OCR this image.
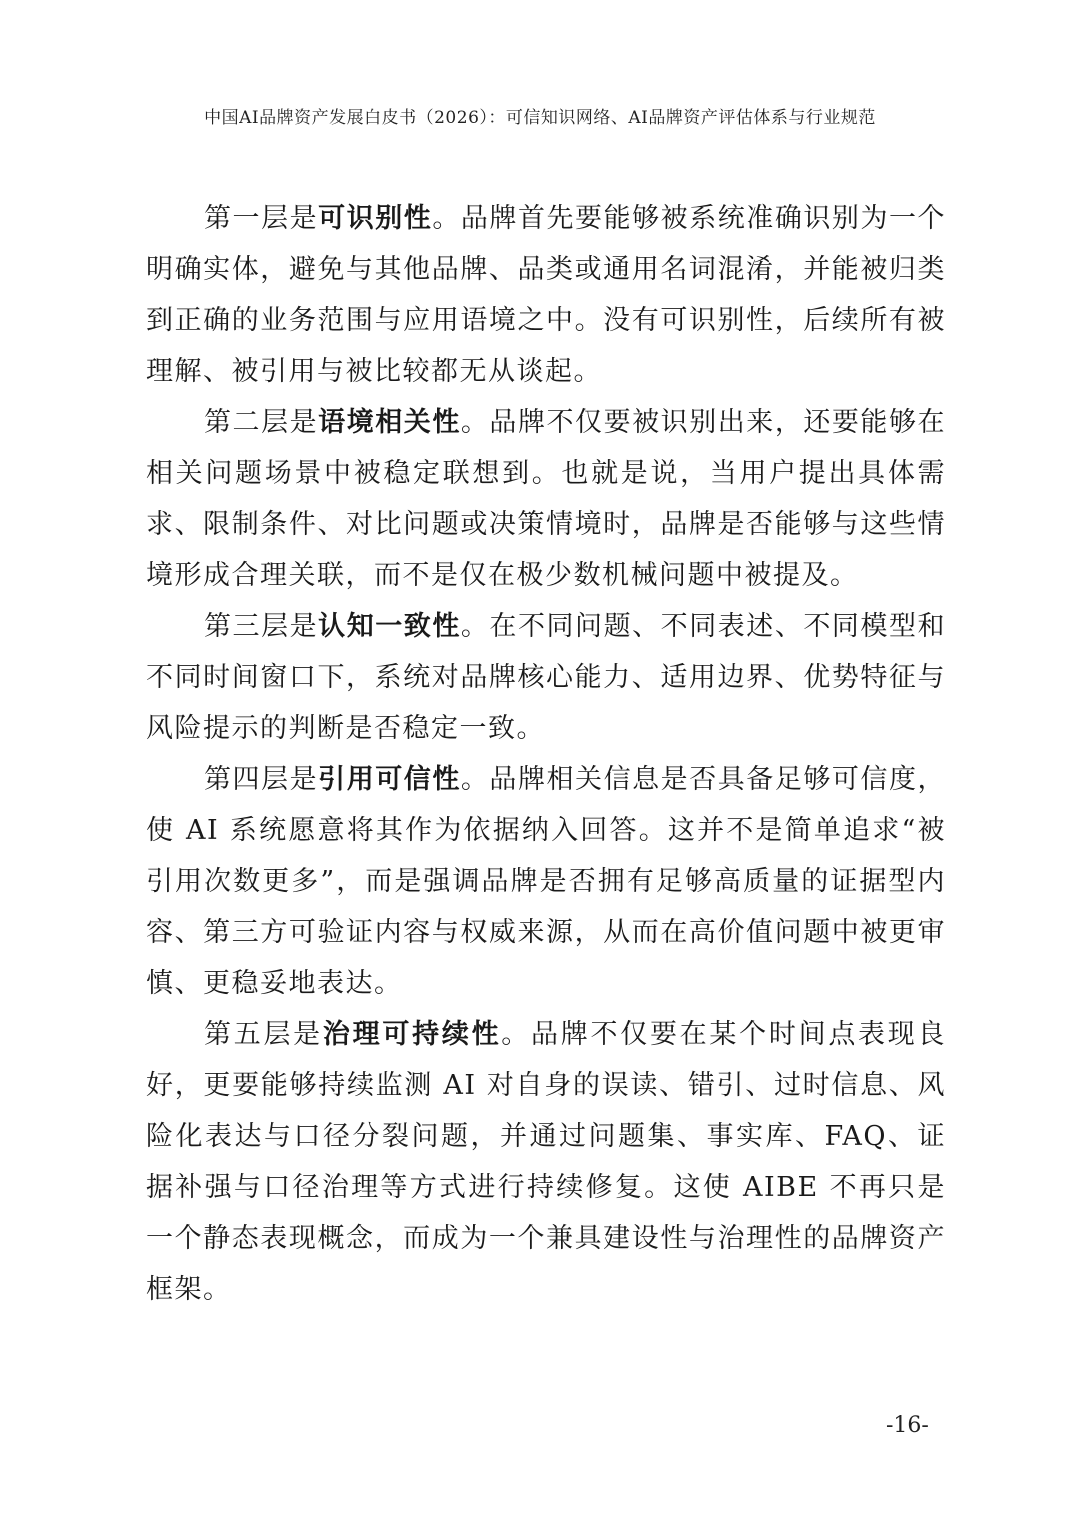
中国AI品牌资产发展白皮书（2026）：可信知识网络、AI品牌资产评估体系与行业规范

第一层是可识别性。品牌首先要能够被系统准确识别为一个明确实体，避免与其他品牌、品类或通用名词混淆，并能被归类到正确的业务范围与应用语境之中。没有可识别性，后续所有被理解、被引用与被比较都无从谈起。

第二层是语境相关性。品牌不仅要被识别出来，还要能够在相关问题场景中被稳定联想到。也就是说，当用户提出具体需求、限制条件、对比问题或决策情境时，品牌是否能够与这些情境形成合理关联，而不是仅在极少数机械问题中被提及。

第三层是认知一致性。在不同问题、不同表述、不同模型和不同时间窗口下，系统对品牌核心能力、适用边界、优势特征与风险提示的判断是否稳定一致。

第四层是引用可信性。品牌相关信息是否具备足够可信度，使 AI 系统愿意将其作为依据纳入回答。这并不是简单追求“被引用次数更多”，而是强调品牌是否拥有足够高质量的证据型内容、第三方可验证内容与权威来源，从而在高价值问题中被更审慎、更稳妥地表达。

第五层是治理可持续性。品牌不仅要在某个时间点表现良好，更要能够持续监测 AI 对自身的误读、错引、过时信息、风险化表达与口径分裂问题，并通过问题集、事实库、FAQ、证据补强与口径治理等方式进行持续修复。这使 AIBE 不再只是一个静态表现概念，而成为一个兼具建设性与治理性的品牌资产框架。

-16-
